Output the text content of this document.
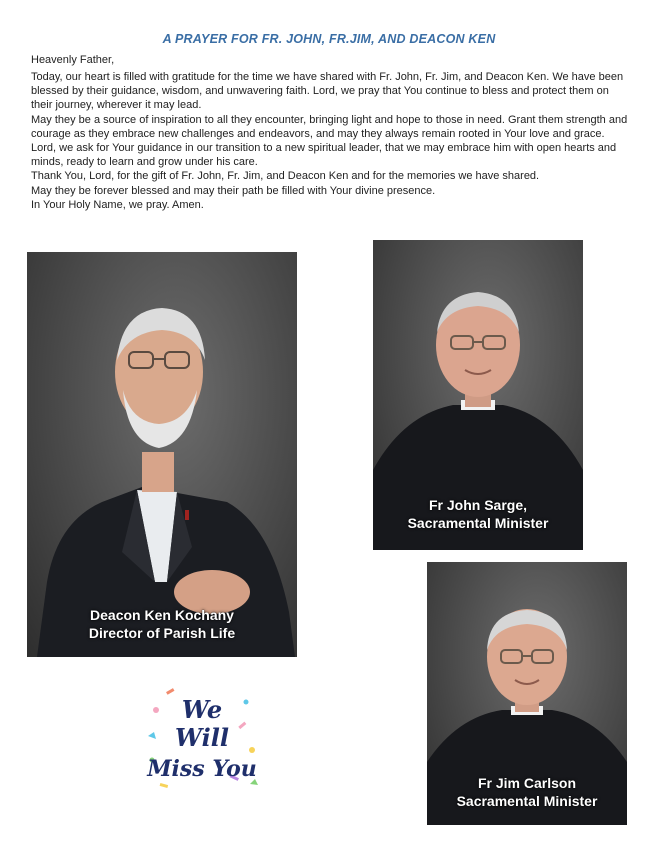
A PRAYER FOR FR. JOHN, FR.JIM, AND DEACON KEN
Heavenly Father,

Today, our heart is filled with gratitude for the time we have shared with Fr. John, Fr. Jim, and Deacon Ken. We have been blessed by their guidance, wisdom, and unwavering faith. Lord, we pray that You continue to bless and protect them on their journey, wherever it may lead.

May they be a source of inspiration to all they encounter, bringing light and hope to those in need. Grant them strength and courage as they embrace new challenges and endeavors, and may they always remain rooted in Your love and grace.

Lord, we ask for Your guidance in our transition to a new spiritual leader, that we may embrace him with open hearts and minds, ready to learn and grow under his care.

Thank You, Lord, for the gift of Fr. John, Fr. Jim, and Deacon Ken and for the memories we have shared.

May they be forever blessed and may their path be filled with Your divine presence.

In Your Holy Name, we pray. Amen.

Deacon Ken Kochany
Director of Parish Life
Fr John Sarge,
Sacramental Minister
Fr Jim Carlson
Sacramental Minister
We
Will
Miss You
